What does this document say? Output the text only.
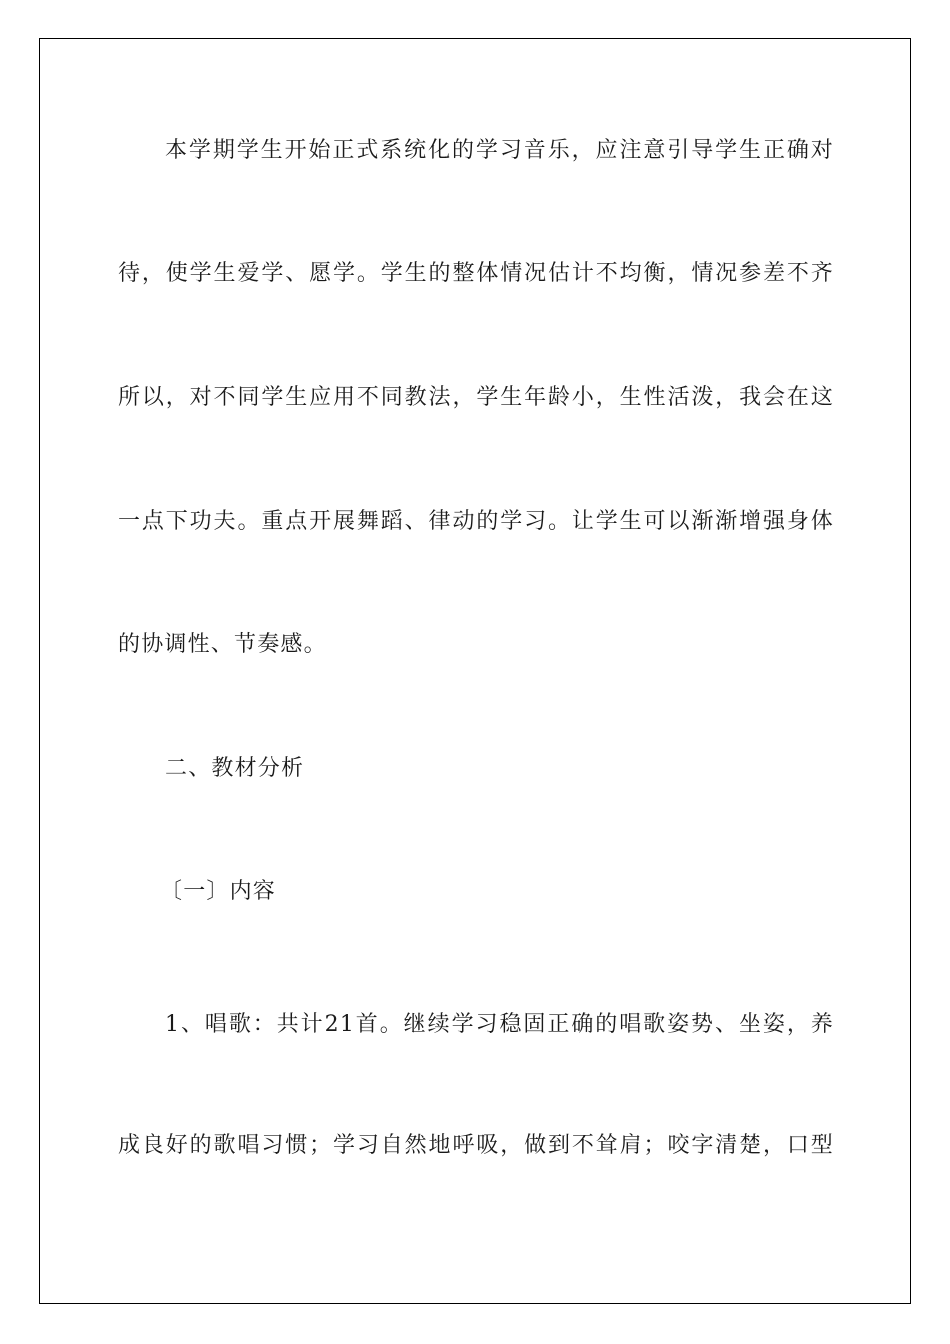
本学期学生开始正式系统化的学习音乐，应注意引导学生正确对
待，使学生爱学、愿学。学生的整体情况估计不均衡，情况参差不齐
所以，对不同学生应用不同教法，学生年龄小，生性活泼，我会在这
一点下功夫。重点开展舞蹈、律动的学习。让学生可以渐渐增强身体
的协调性、节奏感。
二、教材分析
〔一〕内容
1、唱歌：共计21首。继续学习稳固正确的唱歌姿势、坐姿，养
成良好的歌唱习惯；学习自然地呼吸，做到不耸肩；咬字清楚，口型
